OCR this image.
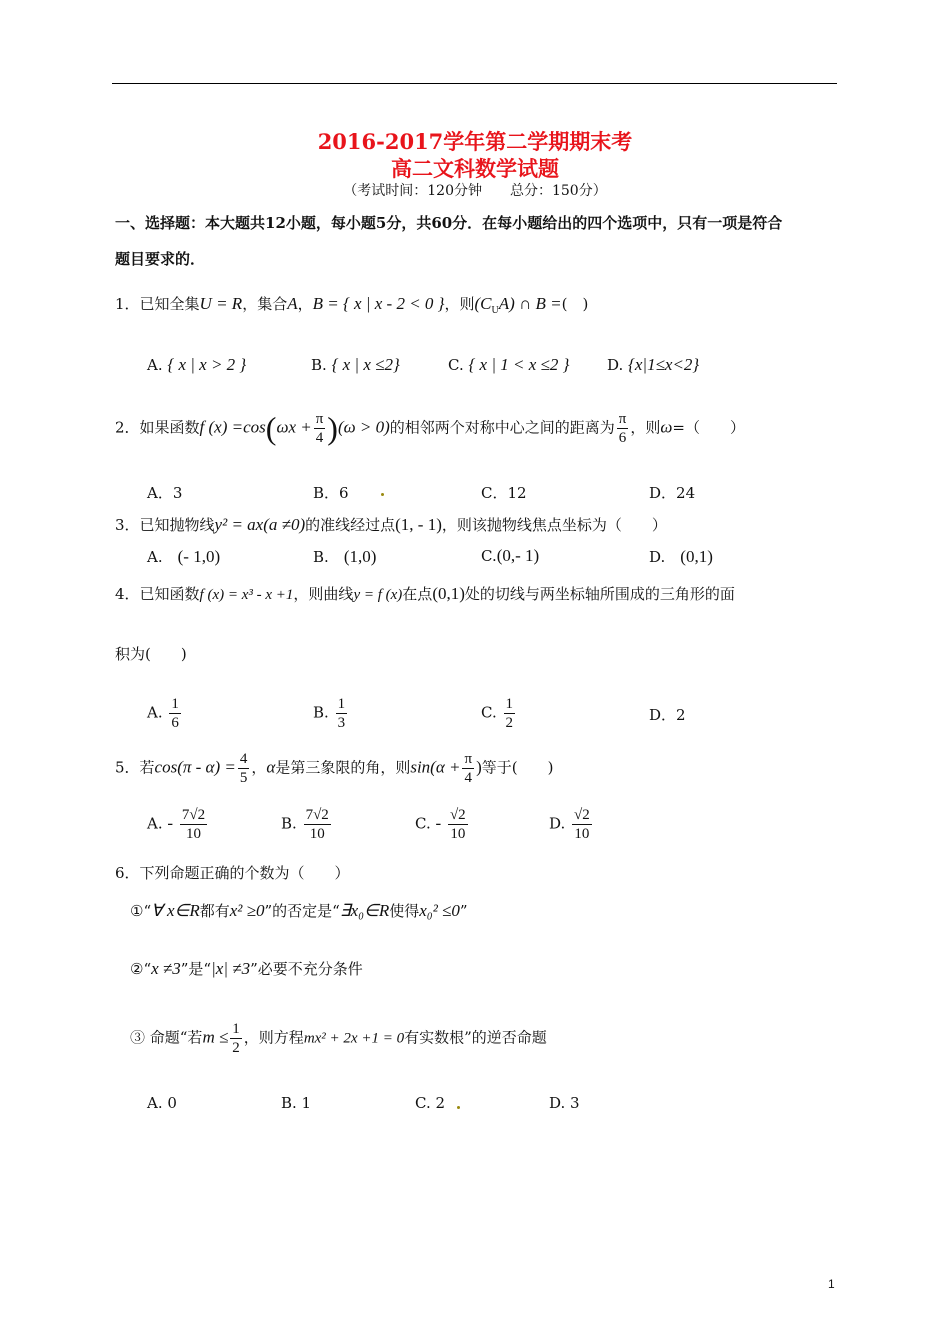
2016-2017学年第二学期期末考
高二文科数学试题
（考试时间：120分钟　　总分：150分）
一、选择题：本大题共12小题，每小题5分，共60分．在每小题给出的四个选项中，只有一项是符合
题目要求的．
1．已知全集U = R，集合A，B = { x | x - 2 < 0 }，则$(C_UA)$ ∩ B =(　)
A. { x | x > 2 }	B. { x | x ≤2}	C. { x | 1 < x ≤2 }	D. {x|1≤x<2}
2．如果函数f $(x) =\cos(\omega x + \frac{\pi}{4} )(\omega > 0)$的相邻两个对称中心之间的距离为 $\frac{\pi}{6}$ ，则ω=（　　）
A．3	B．6	C．12	D．24
3．已知抛物线y² = ax(a ≠0)的准线经过点(1, - 1)，则该抛物线焦点坐标为（　　）
A.　 (- 1,0)	B.　 (1,0)	C.(0,- 1)	D.　 (0,1)
4．已知函数f (x) = x³ - x +1，则曲线y = f (x)在点(0,1)处的切线与两坐标轴所围成的三角形的面
积为(　　)
A. $\frac{1}{6}$	B. $\frac{1}{3}$	C. $\frac{1}{2}$	D．2
5．若$\cos(\pi - \alpha) = \frac{4}{5}$ ，α是第三象限的角，则$\sin(\alpha + \frac{\pi}{4}$ )等于(　　)
A. - $\frac{7√2}{10}$	B. $\frac{7√2}{10}$	C. - $\frac{√2}{10}$	D. $\frac{√2}{10}$
6．下列命题正确的个数为（　　）
①“∀ x∈R都有x² ≥0”的否定是“∃x₀∈R使得x₀² ≤0”
②“x ≠3”是“|x| ≠3”必要不充分条件
③ 命题“若$m \le \frac{1}{2}$ ，则方程mx² + 2x +1 = 0有实数根”的逆否命题
A. 0	B. 1	C. 2	D. 3
1
